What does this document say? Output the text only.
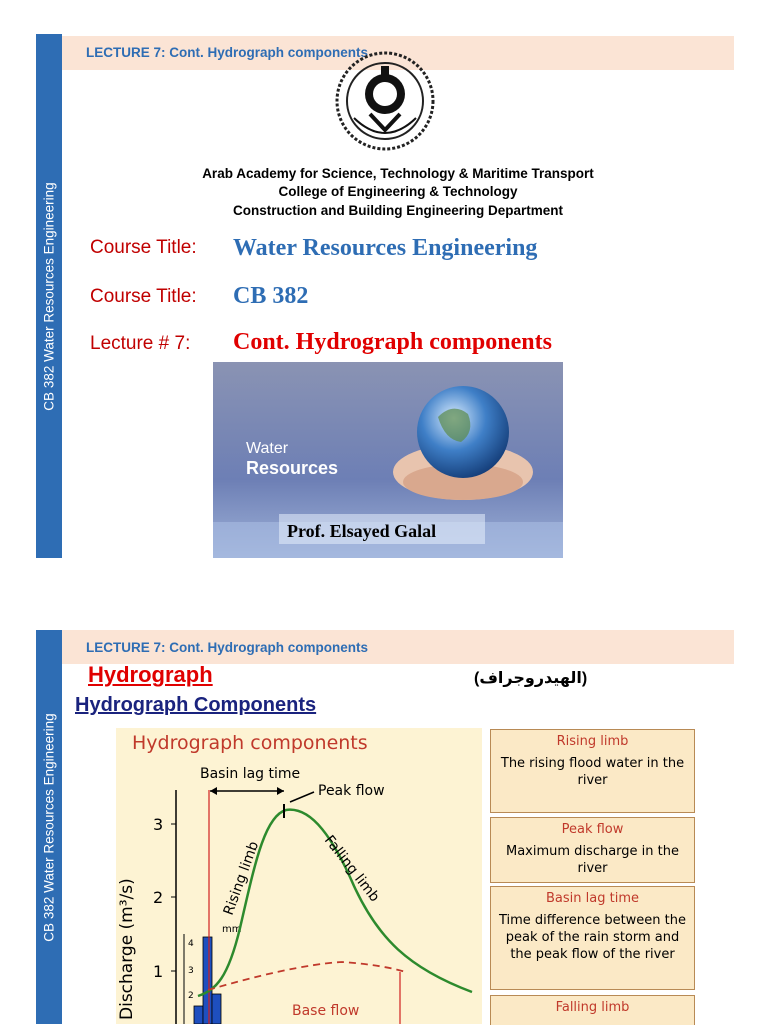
CB 382 Water Resources Engineering
LECTURE 7: Cont. Hydrograph components
Arab Academy for Science, Technology & Maritime Transport
College of Engineering & Technology
Construction and Building Engineering Department
Course Title: Water Resources Engineering
Course Title: CB 382
Lecture # 7: Cont. Hydrograph components
Water
Resources
Prof. Elsayed Galal
CB 382 Water Resources Engineering
LECTURE 7: Cont. Hydrograph components
Hydrograph	(الهيدروجراف)
Hydrograph Components
Hydrograph components
3
2
1
Discharge (m³/s)	4
3
2
mm
Basin lag time
Peak flow
Rising limb	Falling limb
Base flow
Rising limb
The rising flood water in the river
Peak flow
Maximum discharge in the river
Basin lag time
Time difference between the peak of the rain storm and the peak flow of the river
Falling limb
